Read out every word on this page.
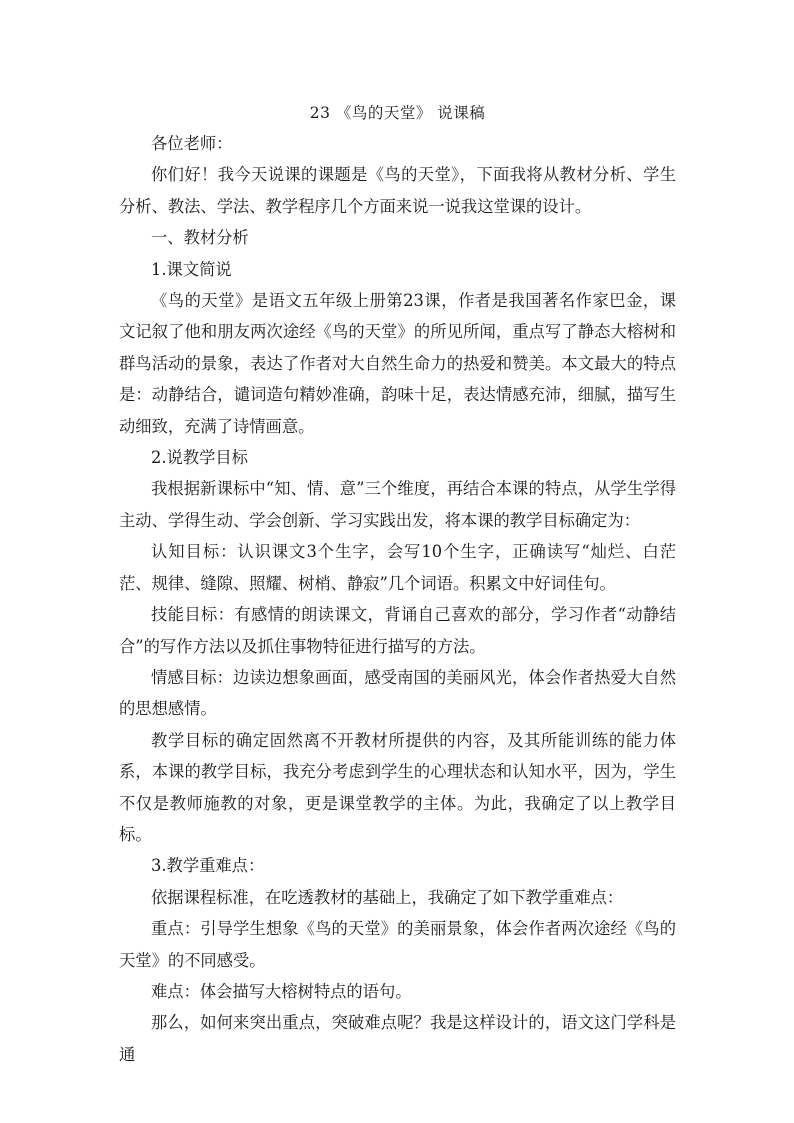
23 《鸟的天堂》 说课稿

各位老师：

你们好！我今天说课的课题是《鸟的天堂》，下面我将从教材分析、学生分析、教法、学法、教学程序几个方面来说一说我这堂课的设计。

一、教材分析

1.课文简说

《鸟的天堂》是语文五年级上册第23课，作者是我国著名作家巴金，课文记叙了他和朋友两次途经《鸟的天堂》的所见所闻，重点写了静态大榕树和群鸟活动的景象，表达了作者对大自然生命力的热爱和赞美。本文最大的特点是：动静结合，谴词造句精妙准确，韵味十足，表达情感充沛，细腻，描写生动细致，充满了诗情画意。

2.说教学目标

我根据新课标中“知、情、意”三个维度，再结合本课的特点，从学生学得主动、学得生动、学会创新、学习实践出发，将本课的教学目标确定为：

认知目标：认识课文3个生字，会写10个生字，正确读写“灿烂、白茫茫、规律、缝隙、照耀、树梢、静寂”几个词语。积累文中好词佳句。

技能目标：有感情的朗读课文，背诵自己喜欢的部分，学习作者“动静结合”的写作方法以及抓住事物特征进行描写的方法。

情感目标：边读边想象画面，感受南国的美丽风光，体会作者热爱大自然的思想感情。

教学目标的确定固然离不开教材所提供的内容，及其所能训练的能力体系，本课的教学目标，我充分考虑到学生的心理状态和认知水平，因为，学生不仅是教师施教的对象，更是课堂教学的主体。为此，我确定了以上教学目标。

3.教学重难点：

依据课程标准，在吃透教材的基础上，我确定了如下教学重难点：

重点：引导学生想象《鸟的天堂》的美丽景象，体会作者两次途经《鸟的天堂》的不同感受。

难点：体会描写大榕树特点的语句。

那么，如何来突出重点，突破难点呢？我是这样设计的，语文这门学科是通
